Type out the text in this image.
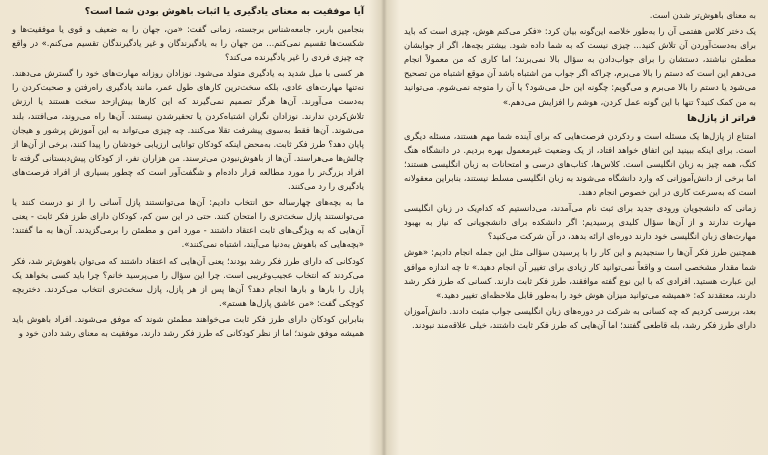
آیا موفقیت به معنای یادگیری یا اثبات باهوش بودن شما است؟

بنجامین باربر، جامعه‌شناس برجسته، زمانی گفت: «من، جهان را به ضعیف و قوی یا موفقیت‌ها و شکست‌ها تقسیم نمی‌کنم... من جهان را به یادگیرندگان و غیر یادگیرندگان تقسیم می‌کنم.» در واقع چه چیزی فردی را غیر یادگیرنده می‌کند؟

هر کسی با میل شدید به یادگیری متولد می‌شود. نوزادان روزانه مهارت‌های خود را گسترش می‌دهند. نه‌تنها مهارت‌های عادی، بلکه سخت‌ترین کارهای طول عمر، مانند یادگیری راه‌رفتن و صحبت‌کردن را به‌دست می‌آورند. آن‌ها هرگز تصمیم نمی‌گیرند که این کارها بیش‌از‌حد سخت هستند یا ارزش تلاش‌کردن ندارند. نوزادان نگران اشتباه‌کردن یا تحقیرشدن نیستند. آن‌ها راه می‌روند، می‌افتند، بلند می‌شوند. آن‌ها فقط به‌سوی پیشرفت تقلا می‌کنند. چه چیزی می‌تواند به این آموزش پرشور و هیجان پایان دهد؟ طرز فکر ثابت. به‌محض اینکه کودکان توانایی ارزیابی خودشان را پیدا کنند، برخی از آن‌ها از چالش‌ها می‌هراسند. آن‌ها از باهوش‌نبودن می‌ترسند. من هزاران نفر، از کودکان پیش‌دبستانی گرفته تا افراد بزرگ‌تر را مورد مطالعه قرار داده‌ام و شگفت‌آور است که چطور بسیاری از افراد فرصت‌های یادگیری را رد می‌کنند.

ما به بچه‌های چهارساله حق انتخاب دادیم: آن‌ها می‌توانستند پازل آسانی را از نو درست کنند یا می‌توانستند پازل سخت‌تری را امتحان کنند. حتی در این سن کم، کودکان دارای طرز فکر ثابت - یعنی آن‌هایی که به ویژگی‌های ثابت اعتقاد داشتند - مورد امن و مطمئن را برمی‌گزیدند. آن‌ها به ما گفتند: «بچه‌هایی که باهوش به‌دنیا می‌آیند، اشتباه نمی‌کنند».

کودکانی که دارای طرز فکر رشد بودند؛ یعنی آن‌هایی که اعتقاد داشتند که می‌توان باهوش‌تر شد، فکر می‌کردند که انتخاب عجیب‌وغریبی است. چرا این سؤال را می‌پرسید خانم؟ چرا باید کسی بخواهد یک پازل را بارها و بارها انجام دهد؟ آن‌ها پس از هر پازل، پازل سخت‌تری انتخاب می‌کردند. دختربچه کوچکی گفت: «من عاشق پازل‌ها هستم».

بنابراین کودکان دارای طرز فکر ثابت می‌خواهند مطمئن شوند که موفق می‌شوند. افراد باهوش باید همیشه موفق شوند؛ اما از نظر کودکانی که طرز فکر رشد دارند، موفقیت به معنای رشد دادن خود و

به معنای باهوش‌تر شدن است.

یک دختر کلاس هفتمی آن را به‌طور خلاصه این‌گونه بیان کرد: «فکر می‌کنم هوش، چیزی است که باید برای به‌دست‌آوردن آن تلاش کنید... چیزی نیست که به شما داده شود. بیشتر بچه‌ها، اگر از جوابشان مطمئن نباشند، دستشان را برای جواب‌دادن به سؤال بالا نمی‌برند؛ اما کاری که من معمولاً انجام می‌دهم این است که دستم را بالا می‌برم، چراکه اگر جواب من اشتباه باشد آن موقع اشتباه من تصحیح می‌شود یا دستم را بالا می‌برم و می‌گویم: چگونه این حل می‌شود؟ یا آن را متوجه نمی‌شوم. می‌توانید به من کمک کنید؟ تنها با این گونه عمل کردن، هوشم را افزایش می‌دهم.»

فراتر از پازل‌ها

امتناع از پازل‌ها یک مسئله است و ردکردن فرصت‌هایی که برای آینده شما مهم هستند، مسئله دیگری است. برای اینکه ببینید این اتفاق خواهد افتاد، از یک وضعیت غیرمعمول بهره بردیم. در دانشگاه هنگ کنگ، همه چیز به زبان انگلیسی است. کلاس‌ها، کتاب‌های درسی و امتحانات به زبان انگلیسی هستند؛ اما برخی از دانش‌آموزانی که وارد دانشگاه می‌شوند به زبان انگلیسی مسلط نیستند، بنابراین معقولانه است که به‌سرعت کاری در این خصوص انجام دهند.

زمانی که دانشجویان ورودی جدید برای ثبت نام می‌آمدند، می‌دانستیم که کدام‌یک در زبان انگلیسی مهارت ندارند و از آن‌ها سؤال کلیدی پرسیدیم: اگر دانشکده برای دانشجویانی که نیاز به بهبود مهارت‌های زبان انگلیسی خود دارند دوره‌ای ارائه بدهد، در آن شرکت می‌کنید؟

همچنین طرز فکر آن‌ها را سنجیدیم و این کار را با پرسیدن سؤالی مثل این جمله انجام دادیم: «هوش شما مقدار مشخصی است و واقعاً نمی‌توانید کار زیادی برای تغییر آن انجام دهید.» تا چه اندازه موافق این عبارت هستید. افرادی که با این نوع گفته موافقند، طرز فکر ثابت دارند. کسانی که طرز فکر رشد دارند، معتقدند که: «همیشه می‌توانید میزان هوش خود را به‌طور قابل ملاحظه‌ای تغییر دهید.»

بعد، بررسی کردیم که چه کسانی به شرکت در دوره‌های زبان انگلیسی جواب مثبت دادند. دانش‌آموزان دارای طرز فکر رشد، بله قاطعی گفتند؛ اما آن‌هایی که طرز فکر ثابت داشتند، خیلی علاقه‌مند نبودند.
